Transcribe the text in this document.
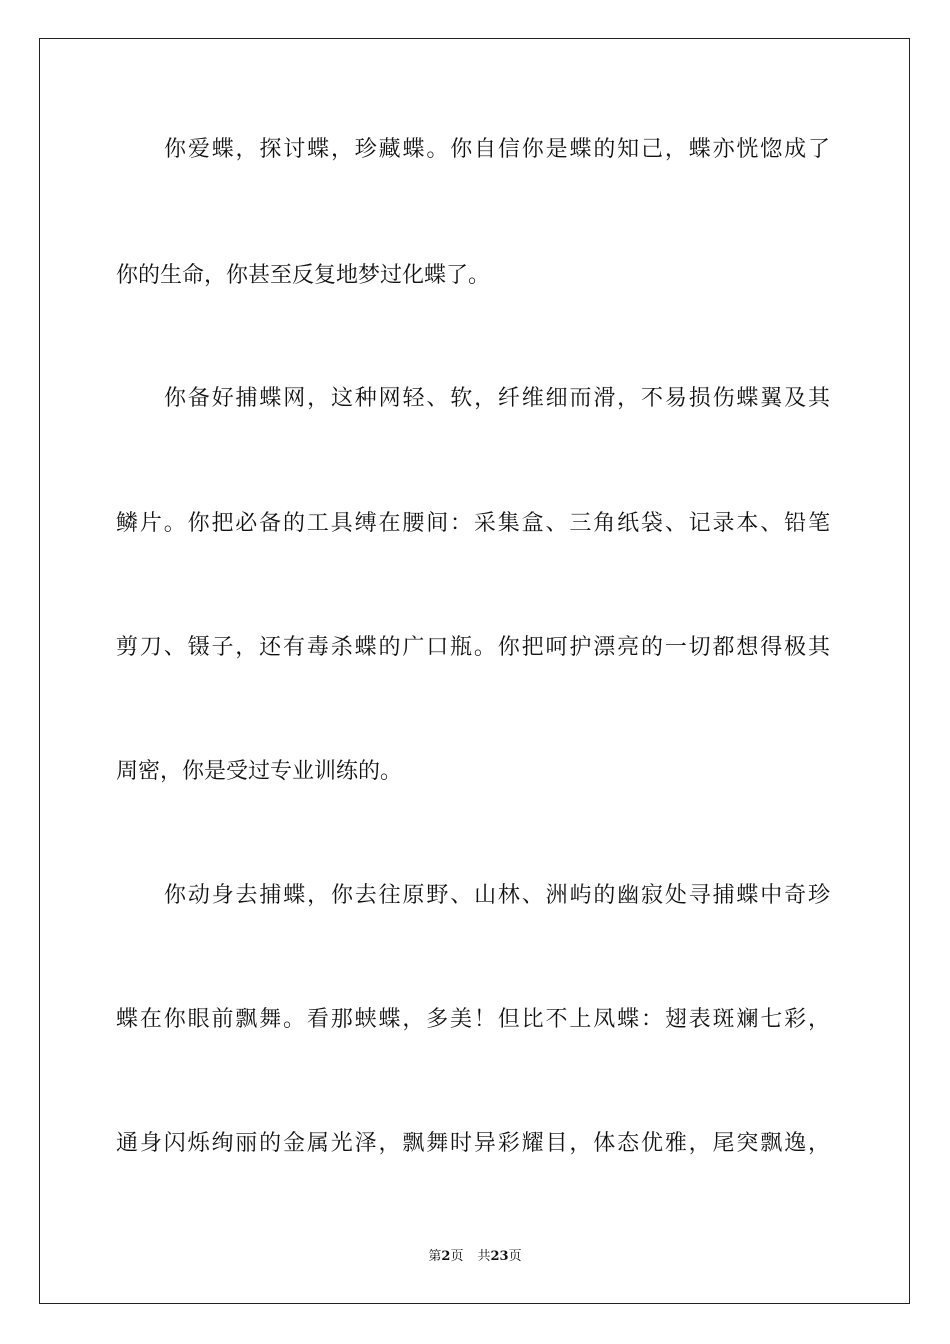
你爱蝶，探讨蝶，珍藏蝶。你自信你是蝶的知己，蝶亦恍惚成了

你的生命，你甚至反复地梦过化蝶了。

你备好捕蝶网，这种网轻、软，纤维细而滑，不易损伤蝶翼及其

鳞片。你把必备的工具缚在腰间：采集盒、三角纸袋、记录本、铅笔

剪刀、镊子，还有毒杀蝶的广口瓶。你把呵护漂亮的一切都想得极其

周密，你是受过专业训练的。

你动身去捕蝶，你去往原野、山林、洲屿的幽寂处寻捕蝶中奇珍

蝶在你眼前飘舞。看那蛱蝶，多美！但比不上凤蝶：翅表斑斓七彩，

通身闪烁绚丽的金属光泽，飘舞时异彩耀目，体态优雅，尾突飘逸，

第2页 共23页
